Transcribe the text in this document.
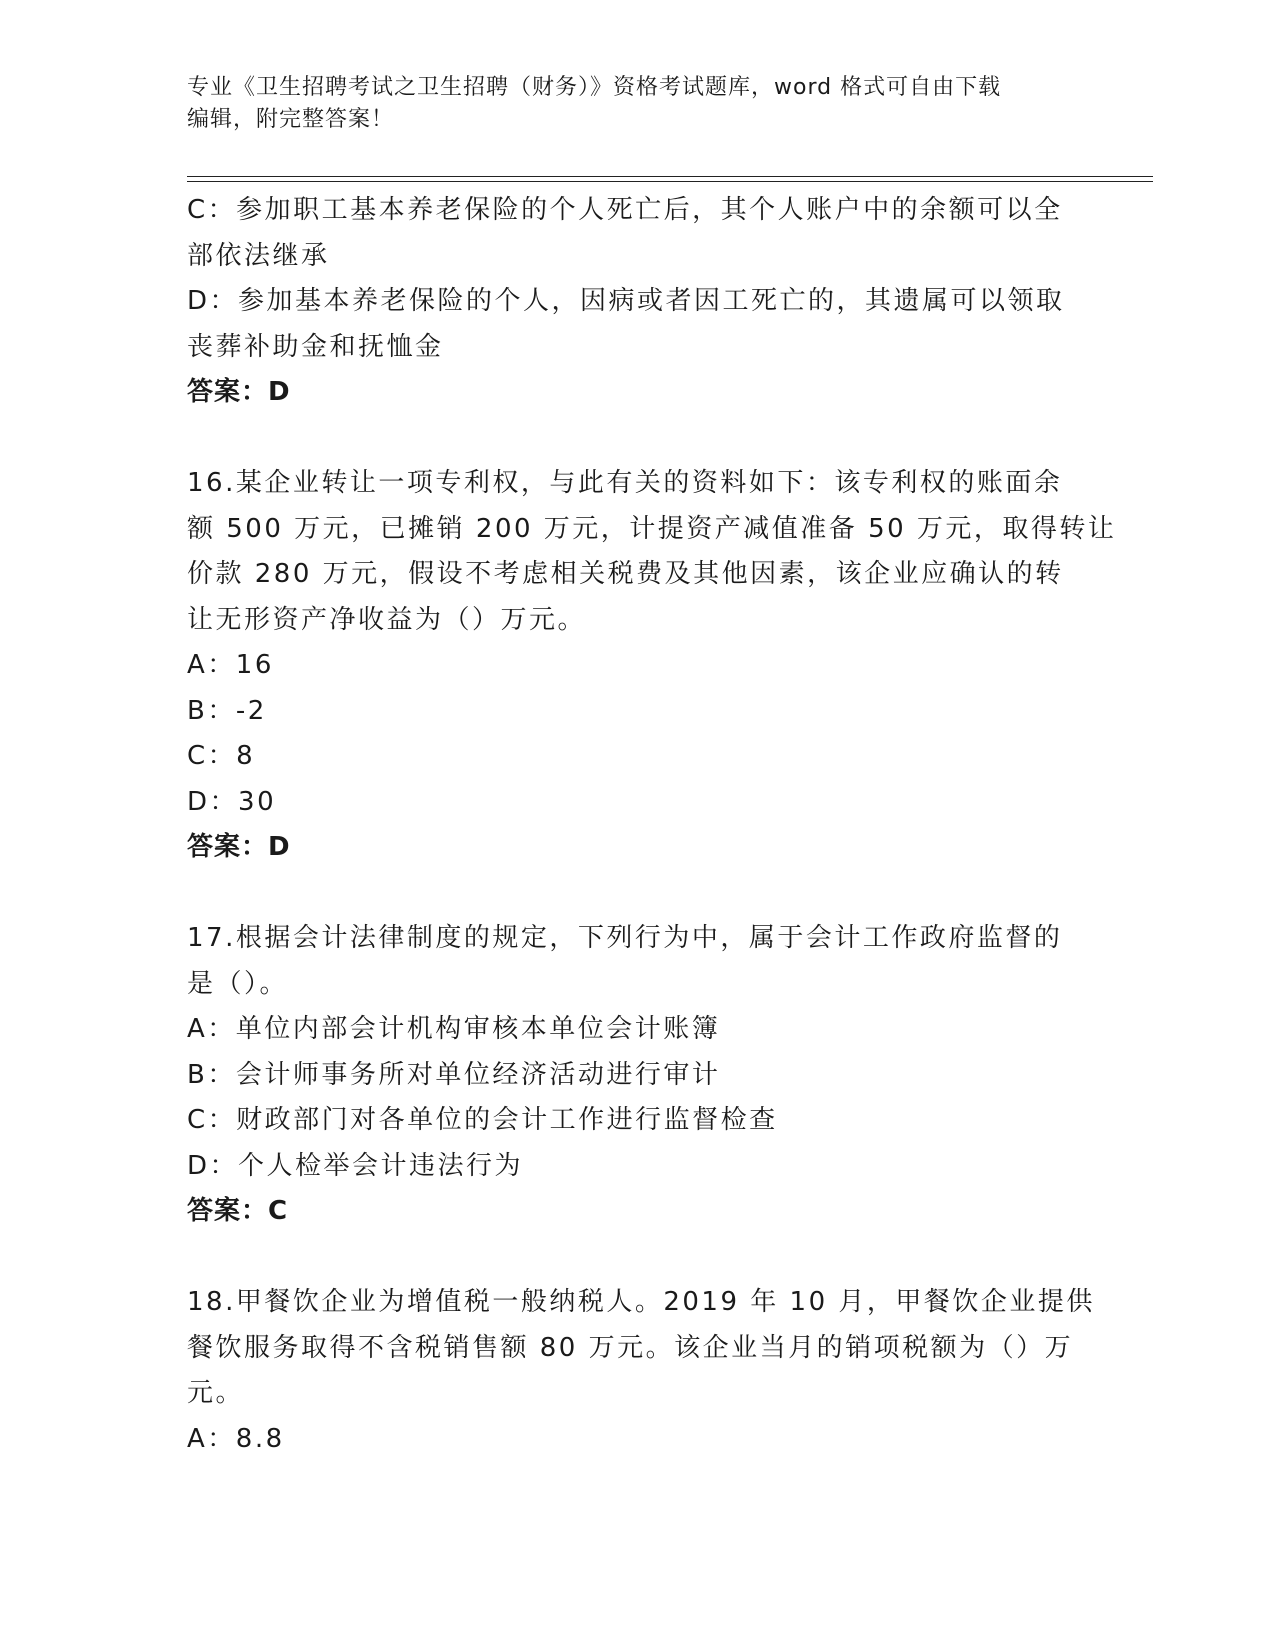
专业《卫生招聘考试之卫生招聘（财务）》资格考试题库，word 格式可自由下载
编辑，附完整答案！
C：参加职工基本养老保险的个人死亡后，其个人账户中的余额可以全
部依法继承
D：参加基本养老保险的个人，因病或者因工死亡的，其遗属可以领取
丧葬补助金和抚恤金
答案：D
16.某企业转让一项专利权，与此有关的资料如下：该专利权的账面余
额 500 万元，已摊销 200 万元，计提资产减值准备 50 万元，取得转让
价款 280 万元，假设不考虑相关税费及其他因素，该企业应确认的转
让无形资产净收益为（）万元。
A：16
B：-2
C：8
D：30
答案：D
17.根据会计法律制度的规定，下列行为中，属于会计工作政府监督的
是（）。
A：单位内部会计机构审核本单位会计账簿
B：会计师事务所对单位经济活动进行审计
C：财政部门对各单位的会计工作进行监督检查
D：个人检举会计违法行为
答案：C
18.甲餐饮企业为增值税一般纳税人。2019 年 10 月，甲餐饮企业提供
餐饮服务取得不含税销售额 80 万元。该企业当月的销项税额为（）万
元。
A：8.8
